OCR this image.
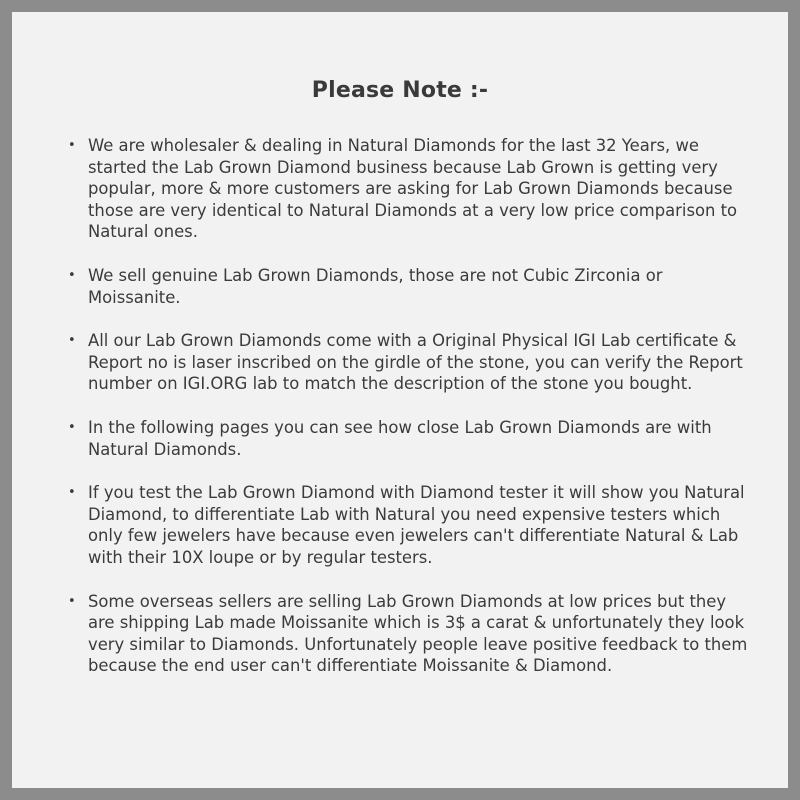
Please Note :-
• We are wholesaler & dealing in Natural Diamonds for the last 32 Years, we started the Lab Grown Diamond business because Lab Grown is getting very popular, more & more customers are asking for Lab Grown Diamonds because those are very identical to Natural Diamonds at a very low price comparison to Natural ones.
• We sell genuine Lab Grown Diamonds, those are not Cubic Zirconia or Moissanite.
• All our Lab Grown Diamonds come with a Original Physical IGI Lab certificate & Report no is laser inscribed on the girdle of the stone, you can verify the Report number on IGI.ORG lab to match the description of the stone you bought.
• In the following pages you can see how close Lab Grown Diamonds are with Natural Diamonds.
• If you test the Lab Grown Diamond with Diamond tester it will show you Natural Diamond, to differentiate Lab with Natural you need expensive testers which only few jewelers have because even jewelers can't differentiate Natural & Lab with their 10X loupe or by regular testers.
• Some overseas sellers are selling Lab Grown Diamonds at low prices but they are shipping Lab made Moissanite which is 3$ a carat & unfortunately they look very similar to Diamonds. Unfortunately people leave positive feedback to them because the end user can't differentiate Moissanite & Diamond.
